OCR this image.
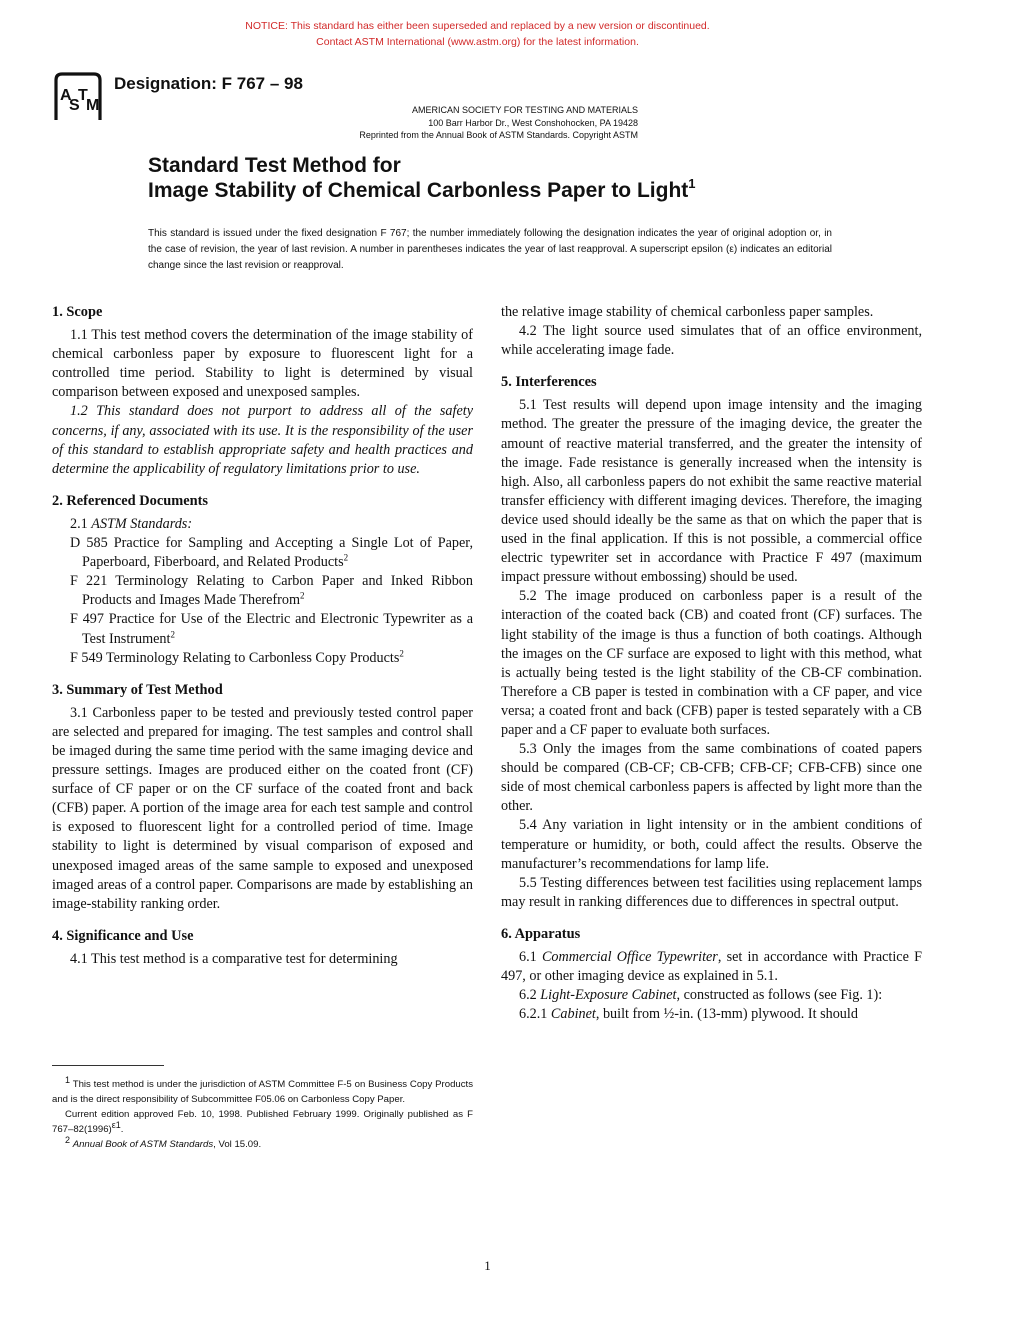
NOTICE: This standard has either been superseded and replaced by a new version or discontinued.
Contact ASTM International (www.astm.org) for the latest information.
A
S
T
M
Designation: F 767 – 98
AMERICAN SOCIETY FOR TESTING AND MATERIALS
100 Barr Harbor Dr., West Conshohocken, PA 19428
Reprinted from the Annual Book of ASTM Standards. Copyright ASTM
Standard Test Method for
Image Stability of Chemical Carbonless Paper to Light$^1$
This standard is issued under the fixed designation F 767; the number immediately following the designation indicates the year of original adoption or, in the case of revision, the year of last revision. A number in parentheses indicates the year of last reapproval. A superscript epsilon (ε) indicates an editorial change since the last revision or reapproval.
1. Scope

1.1 This test method covers the determination of the image stability of chemical carbonless paper by exposure to fluorescent light for a controlled time period. Stability to light is determined by visual comparison between exposed and unexposed samples.

1.2 This standard does not purport to address all of the safety concerns, if any, associated with its use. It is the responsibility of the user of this standard to establish appropriate safety and health practices and determine the applicability of regulatory limitations prior to use.

2. Referenced Documents

2.1 ASTM Standards:

D 585 Practice for Sampling and Accepting a Single Lot of Paper, Paperboard, Fiberboard, and Related Products$^2$

F 221 Terminology Relating to Carbon Paper and Inked Ribbon Products and Images Made Therefrom$^2$

F 497 Practice for Use of the Electric and Electronic Typewriter as a Test Instrument$^2$

F 549 Terminology Relating to Carbonless Copy Products$^2$

3. Summary of Test Method

3.1 Carbonless paper to be tested and previously tested control paper are selected and prepared for imaging. The test samples and control shall be imaged during the same time period with the same imaging device and pressure settings. Images are produced either on the coated front (CF) surface of CF paper or on the CF surface of the coated front and back (CFB) paper. A portion of the image area for each test sample and control is exposed to fluorescent light for a controlled period of time. Image stability to light is determined by visual comparison of exposed and unexposed imaged areas of the same sample to exposed and unexposed imaged areas of a control paper. Comparisons are made by establishing an image-stability ranking order.

4. Significance and Use

4.1 This test method is a comparative test for determining

$^1$ This test method is under the jurisdiction of ASTM Committee F-5 on Business Copy Products and is the direct responsibility of Subcommittee F05.06 on Carbonless Copy Paper.

Current edition approved Feb. 10, 1998. Published February 1999. Originally published as F $767-82(1996)^{\varepsilon 1}$.

$^2$ Annual Book of ASTM Standards, Vol 15.09.

the relative image stability of chemical carbonless paper samples.

4.2 The light source used simulates that of an office environment, while accelerating image fade.

5. Interferences

5.1 Test results will depend upon image intensity and the imaging method. The greater the pressure of the imaging device, the greater the amount of reactive material transferred, and the greater the intensity of the image. Fade resistance is generally increased when the intensity is high. Also, all carbonless papers do not exhibit the same reactive material transfer efficiency with different imaging devices. Therefore, the imaging device used should ideally be the same as that on which the paper that is used in the final application. If this is not possible, a commercial office electric typewriter set in accordance with Practice F 497 (maximum impact pressure without embossing) should be used.

5.2 The image produced on carbonless paper is a result of the interaction of the coated back (CB) and coated front (CF) surfaces. The light stability of the image is thus a function of both coatings. Although the images on the CF surface are exposed to light with this method, what is actually being tested is the light stability of the CB-CF combination. Therefore a CB paper is tested in combination with a CF paper, and vice versa; a coated front and back (CFB) paper is tested separately with a CB paper and a CF paper to evaluate both surfaces.

5.3 Only the images from the same combinations of coated papers should be compared (CB-CF; CB-CFB; CFB-CF; CFB-CFB) since one side of most chemical carbonless papers is affected by light more than the other.

5.4 Any variation in light intensity or in the ambient conditions of temperature or humidity, or both, could affect the results. Observe the manufacturer’s recommendations for lamp life.

5.5 Testing differences between test facilities using replacement lamps may result in ranking differences due to differences in spectral output.

6. Apparatus

6.1 Commercial Office Typewriter, set in accordance with Practice F 497, or other imaging device as explained in 5.1.

6.2 Light-Exposure Cabinet, constructed as follows (see Fig. 1):

6.2.1 Cabinet, built from ½-in. (13-mm) plywood. It should

1
